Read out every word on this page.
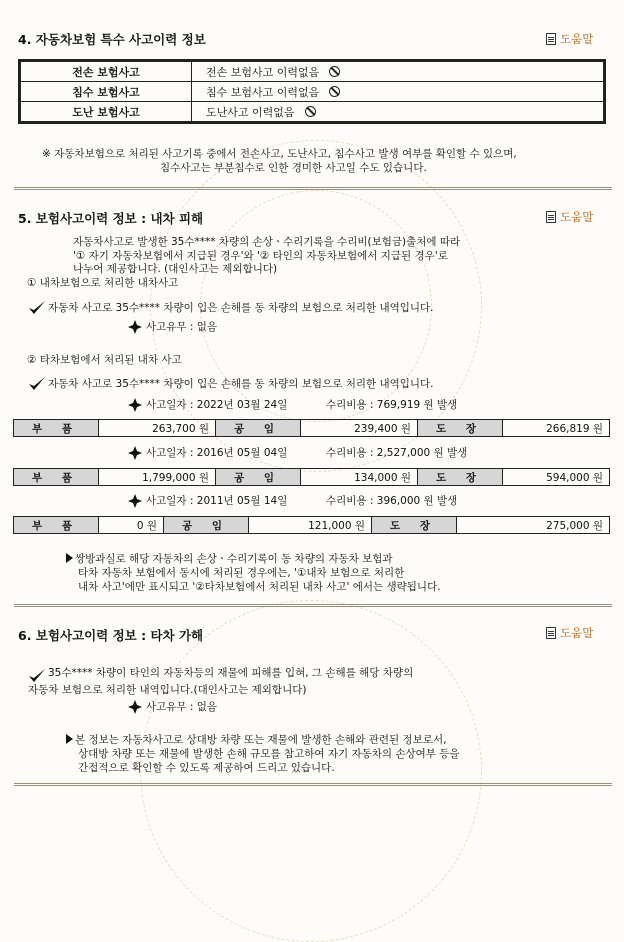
4. 자동차보험 특수 사고이력 정보	도움말
전손 보험사고	전손 보험사고 이력없음
침수 보험사고	침수 보험사고 이력없음
도난 보험사고	도난사고 이력없음
※ 자동차보험으로 처리된 사고기록 중에서 전손사고, 도난사고, 침수사고 발생 여부를 확인할 수 있으며,
침수사고는 부분침수로 인한 경미한 사고일 수도 있습니다.
5. 보험사고이력 정보 : 내차 피해	도움말
자동차사고로 발생한 35수**** 차량의 손상ㆍ수리기록을 수리비(보험금)출처에 따라
'① 자기 자동차보험에서 지급된 경우'와 '② 타인의 자동차보험에서 지급된 경우'로
나누어 제공합니다. (대인사고는 제외합니다)
① 내차보험으로 처리한 내차사고
자동차 사고로 35수**** 차량이 입은 손해를 동 차량의 보험으로 처리한 내역입니다.
사고유무 : 없음
② 타차보험에서 처리된 내차 사고
자동차 사고로 35수**** 차량이 입은 손해를 동 차량의 보험으로 처리한 내역입니다.
사고일자 : 2022년 03월 24일	수리비용 : 769,919 원 발생
부 품	263,700 원	공 임	239,400 원	도 장	266,819 원
사고일자 : 2016년 05월 04일	수리비용 : 2,527,000 원 발생
부 품	1,799,000 원	공 임	134,000 원	도 장	594,000 원
사고일자 : 2011년 05월 14일	수리비용 : 396,000 원 발생
부 품	0 원	공 임	121,000 원	도 장	275,000 원
쌍방과실로 해당 자동차의 손상ㆍ수리기록이 동 차량의 자동차 보험과
타차 자동차 보험에서 동시에 처리된 경우에는, '①내차 보험으로 처리한
내차 사고'에만 표시되고 '②타차보험에서 처리된 내차 사고' 에서는 생략됩니다.
6. 보험사고이력 정보 : 타차 가해	도움말
35수**** 차량이 타인의 자동차등의 재물에 피해를 입혀, 그 손해를 해당 차량의
자동차 보험으로 처리한 내역입니다.(대인사고는 제외합니다)
사고유무 : 없음
본 정보는 자동차사고로 상대방 차량 또는 재물에 발생한 손해와 관련된 정보로서,
상대방 차량 또는 재물에 발생한 손해 규모를 참고하여 자기 자동차의 손상여부 등을
간접적으로 확인할 수 있도록 제공하여 드리고 있습니다.
